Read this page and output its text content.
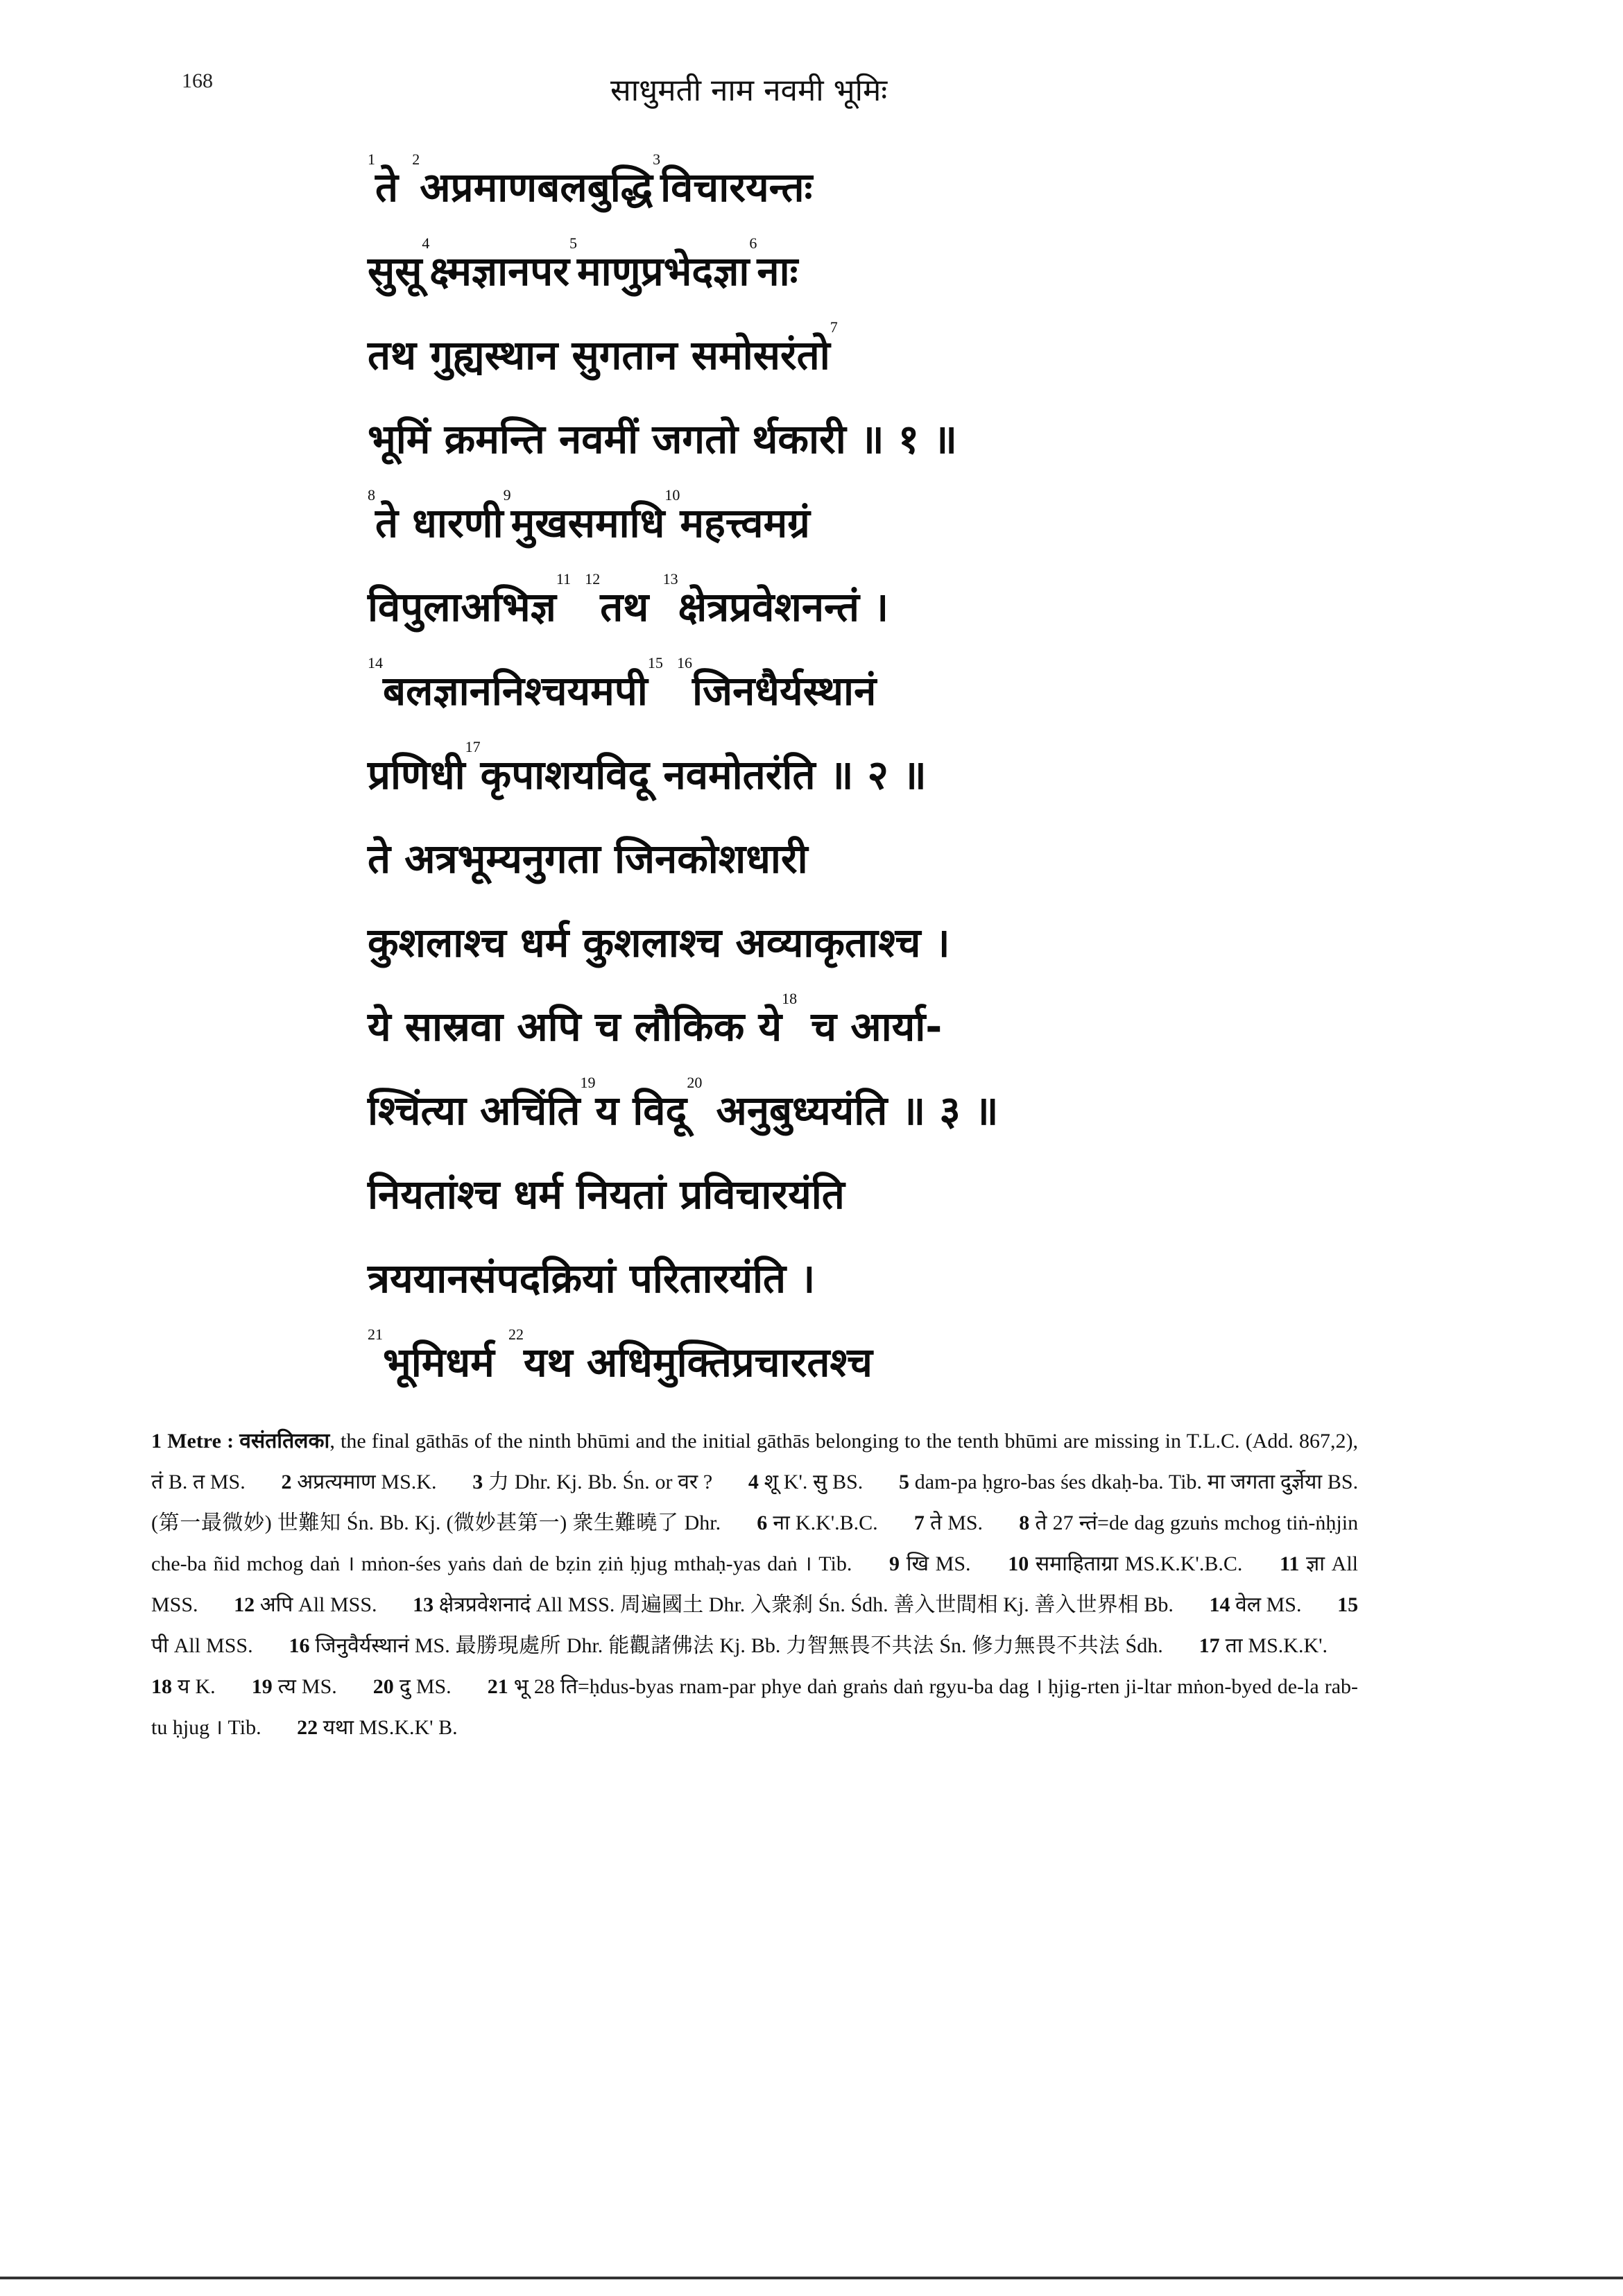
168	साधुमती नाम नवमी भूमिः
$^1$ते $^2$अप्रमाणबलबुद्धि$^3$विचारयन्तः
सुसू$^4$क्ष्मज्ञानपर$^5$माणुप्रभेदज्ञा$^6$नाः
तथ गुह्यस्थान सुगतान समोसरंतो$^7$
भूमिं क्रमन्ति नवमीं जगतो र्थकारी ॥ १ ॥
$^8$ते धारणी$^9$मुखसमाधि$^{10}$महत्त्वमग्रं
विपुलाअभिज्ञ$^{11}$ $^{12}$तथ $^{13}$क्षेत्रप्रवेशनन्तं ।
$^{14}$बलज्ञाननिश्चयमपी$^{15}$ $^{16}$जिनधैर्यस्थानं
प्रणिधी$^{17}$कृपाशयविदू नवमोतरंति ॥ २ ॥
ते अत्रभूम्यनुगता जिनकोशधारी
कुशलाश्च धर्म कुशलाश्च अव्याकृताश्च ।
ये सास्रवा अपि च लौकिक ये$^{18}$ च आर्या-
श्चिंत्या अचिंति$^{19}$य विदू$^{20}$ अनुबुध्ययंति ॥ ३ ॥
नियतांश्च धर्म नियतां प्रविचारयंति
त्रययानसंपदक्रियां परितारयंति ।
$^{21}$भूमिधर्म $^{22}$यथ अधिमुक्तिप्रचारतश्च
1 Metre : वसंततिलका, the final gāthās of the ninth bhūmi and the initial gāthās belonging to the tenth bhūmi are missing in T.L.C. (Add. 867,2), तं B. त MS. 2 अप्रत्यमाण MS.K. 3 力 Dhr. Kj. Bb. Śn. or वर ? 4 शू K'. सु BS. 5 dam-pa ḥgro-bas śes dkaḥ-ba. Tib. मा जगता दुर्ज्ञेया BS. (第一最微妙) 世難知 Śn. Bb. Kj. (微妙甚第一) 衆生難曉了 Dhr. 6 ना K.K'.B.C. 7 ते MS. 8 ते 27 न्तं=de dag gzuṅs mchog tiṅ-ṅḥjin che-ba ñid mchog daṅ । mṅon-śes yaṅs daṅ de bẓin ẓiṅ ḥjug mthaḥ-yas daṅ । Tib. 9 खि MS. 10 समाहिताग्रा MS.K.K'.B.C. 11 ज्ञा All MSS. 12 अपि All MSS. 13 क्षेत्रप्रवेशनादं All MSS. 周遍國土 Dhr. 入衆刹 Śn. Śdh. 善入世間相 Kj. 善入世界相 Bb. 14 वेल MS. 15 पी All MSS. 16 जिनुवैर्यस्थानं MS. 最勝現處所 Dhr. 能觀諸佛法 Kj. Bb. 力智無畏不共法 Śn. 修力無畏不共法 Śdh. 17 ता MS.K.K'. 18 य K. 19 त्य MS. 20 दु MS. 21 भू 28 ति=ḥdus-byas rnam-par phye daṅ graṅs daṅ rgyu-ba dag । ḥjig-rten ji-ltar mṅon-byed de-la rab-tu ḥjug । Tib. 22 यथा MS.K.K' B.
